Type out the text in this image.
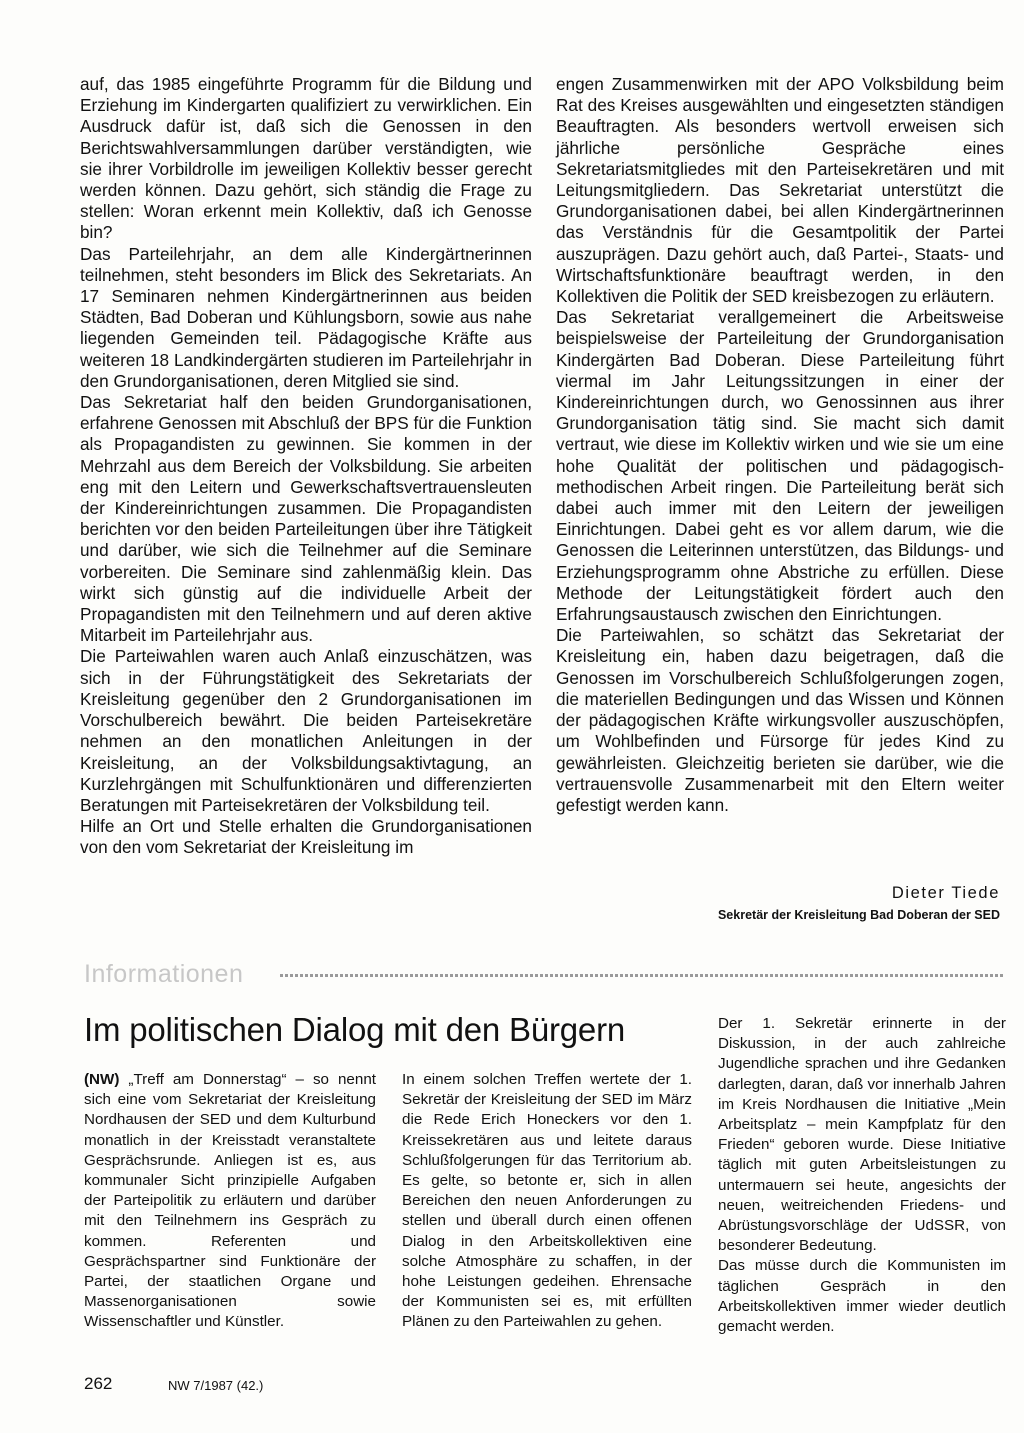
auf, das 1985 eingeführte Programm für die Bildung und Erziehung im Kindergarten qualifiziert zu verwirklichen. Ein Ausdruck dafür ist, daß sich die Genossen in den Berichtswahlversammlungen darüber verständigten, wie sie ihrer Vorbildrolle im jeweiligen Kollektiv besser gerecht werden können. Dazu gehört, sich ständig die Frage zu stellen: Woran erkennt mein Kollektiv, daß ich Genosse bin?

Das Parteilehrjahr, an dem alle Kindergärtnerinnen teilnehmen, steht besonders im Blick des Sekretariats. An 17 Seminaren nehmen Kindergärtnerinnen aus beiden Städten, Bad Doberan und Kühlungsborn, sowie aus nahe liegenden Gemeinden teil. Pädagogische Kräfte aus weiteren 18 Landkindergärten studieren im Parteilehrjahr in den Grundorganisationen, deren Mitglied sie sind.

Das Sekretariat half den beiden Grundorganisationen, erfahrene Genossen mit Abschluß der BPS für die Funktion als Propagandisten zu gewinnen. Sie kommen in der Mehrzahl aus dem Bereich der Volksbildung. Sie arbeiten eng mit den Leitern und Gewerkschaftsvertrauensleuten der Kindereinrichtungen zusammen. Die Propagandisten berichten vor den beiden Parteileitungen über ihre Tätigkeit und darüber, wie sich die Teilnehmer auf die Seminare vorbereiten. Die Seminare sind zahlenmäßig klein. Das wirkt sich günstig auf die individuelle Arbeit der Propagandisten mit den Teilnehmern und auf deren aktive Mitarbeit im Parteilehrjahr aus.

Die Parteiwahlen waren auch Anlaß einzuschätzen, was sich in der Führungstätigkeit des Sekretariats der Kreisleitung gegenüber den 2 Grundorganisationen im Vorschulbereich bewährt. Die beiden Parteisekretäre nehmen an den monatlichen Anleitungen in der Kreisleitung, an der Volksbildungsaktivtagung, an Kurzlehrgängen mit Schulfunktionären und differenzierten Beratungen mit Parteisekretären der Volksbildung teil.

Hilfe an Ort und Stelle erhalten die Grundorganisationen von den vom Sekretariat der Kreisleitung im

engen Zusammenwirken mit der APO Volksbildung beim Rat des Kreises ausgewählten und eingesetzten ständigen Beauftragten. Als besonders wertvoll erweisen sich jährliche persönliche Gespräche eines Sekretariatsmitgliedes mit den Parteisekretären und mit Leitungsmitgliedern. Das Sekretariat unterstützt die Grundorganisationen dabei, bei allen Kindergärtnerinnen das Verständnis für die Gesamtpolitik der Partei auszuprägen. Dazu gehört auch, daß Partei-, Staats- und Wirtschaftsfunktionäre beauftragt werden, in den Kollektiven die Politik der SED kreisbezogen zu erläutern.

Das Sekretariat verallgemeinert die Arbeitsweise beispielsweise der Parteileitung der Grundorganisation Kindergärten Bad Doberan. Diese Parteileitung führt viermal im Jahr Leitungssitzungen in einer der Kindereinrichtungen durch, wo Genossinnen aus ihrer Grundorganisation tätig sind. Sie macht sich damit vertraut, wie diese im Kollektiv wirken und wie sie um eine hohe Qualität der politischen und pädagogisch-methodischen Arbeit ringen. Die Parteileitung berät sich dabei auch immer mit den Leitern der jeweiligen Einrichtungen. Dabei geht es vor allem darum, wie die Genossen die Leiterinnen unterstützen, das Bildungs- und Erziehungsprogramm ohne Abstriche zu erfüllen. Diese Methode der Leitungstätigkeit fördert auch den Erfahrungsaustausch zwischen den Einrichtungen.

Die Parteiwahlen, so schätzt das Sekretariat der Kreisleitung ein, haben dazu beigetragen, daß die Genossen im Vorschulbereich Schlußfolgerungen zogen, die materiellen Bedingungen und das Wissen und Können der pädagogischen Kräfte wirkungsvoller auszuschöpfen, um Wohlbefinden und Fürsorge für jedes Kind zu gewährleisten. Gleichzeitig berieten sie darüber, wie die vertrauensvolle Zusammenarbeit mit den Eltern weiter gefestigt werden kann.

Dieter Tiede
Sekretär der Kreisleitung Bad Doberan der SED
Informationen
Im politischen Dialog mit den Bürgern

(NW) „Treff am Donnerstag“ – so nennt sich eine vom Sekretariat der Kreisleitung Nordhausen der SED und dem Kulturbund monatlich in der Kreisstadt veranstaltete Gesprächsrunde. Anliegen ist es, aus kommunaler Sicht prinzipielle Aufgaben der Parteipolitik zu erläutern und darüber mit den Teilnehmern ins Gespräch zu kommen. Referenten und Gesprächspartner sind Funktionäre der Partei, der staatlichen Organe und Massenorganisationen sowie Wissenschaftler und Künstler.

In einem solchen Treffen wertete der 1. Sekretär der Kreisleitung der SED im März die Rede Erich Honeckers vor den 1. Kreissekretären aus und leitete daraus Schlußfolgerungen für das Territorium ab. Es gelte, so betonte er, sich in allen Bereichen den neuen Anforderungen zu stellen und überall durch einen offenen Dialog in den Arbeitskollektiven eine solche Atmosphäre zu schaffen, in der hohe Leistungen gedeihen. Ehrensache der Kommunisten sei es, mit erfüllten Plänen zu den Parteiwahlen zu gehen.

Der 1. Sekretär erinnerte in der Diskussion, in der auch zahlreiche Jugendliche sprachen und ihre Gedanken darlegten, daran, daß vor innerhalb Jahren im Kreis Nordhausen die Initiative „Mein Arbeitsplatz – mein Kampfplatz für den Frieden“ geboren wurde. Diese Initiative täglich mit guten Arbeitsleistungen zu untermauern sei heute, angesichts der neuen, weitreichenden Friedens- und Abrüstungsvorschläge der UdSSR, von besonderer Bedeutung.

Das müsse durch die Kommunisten im täglichen Gespräch in den Arbeitskollektiven immer wieder deutlich gemacht werden.

262	NW 7/1987 (42.)
